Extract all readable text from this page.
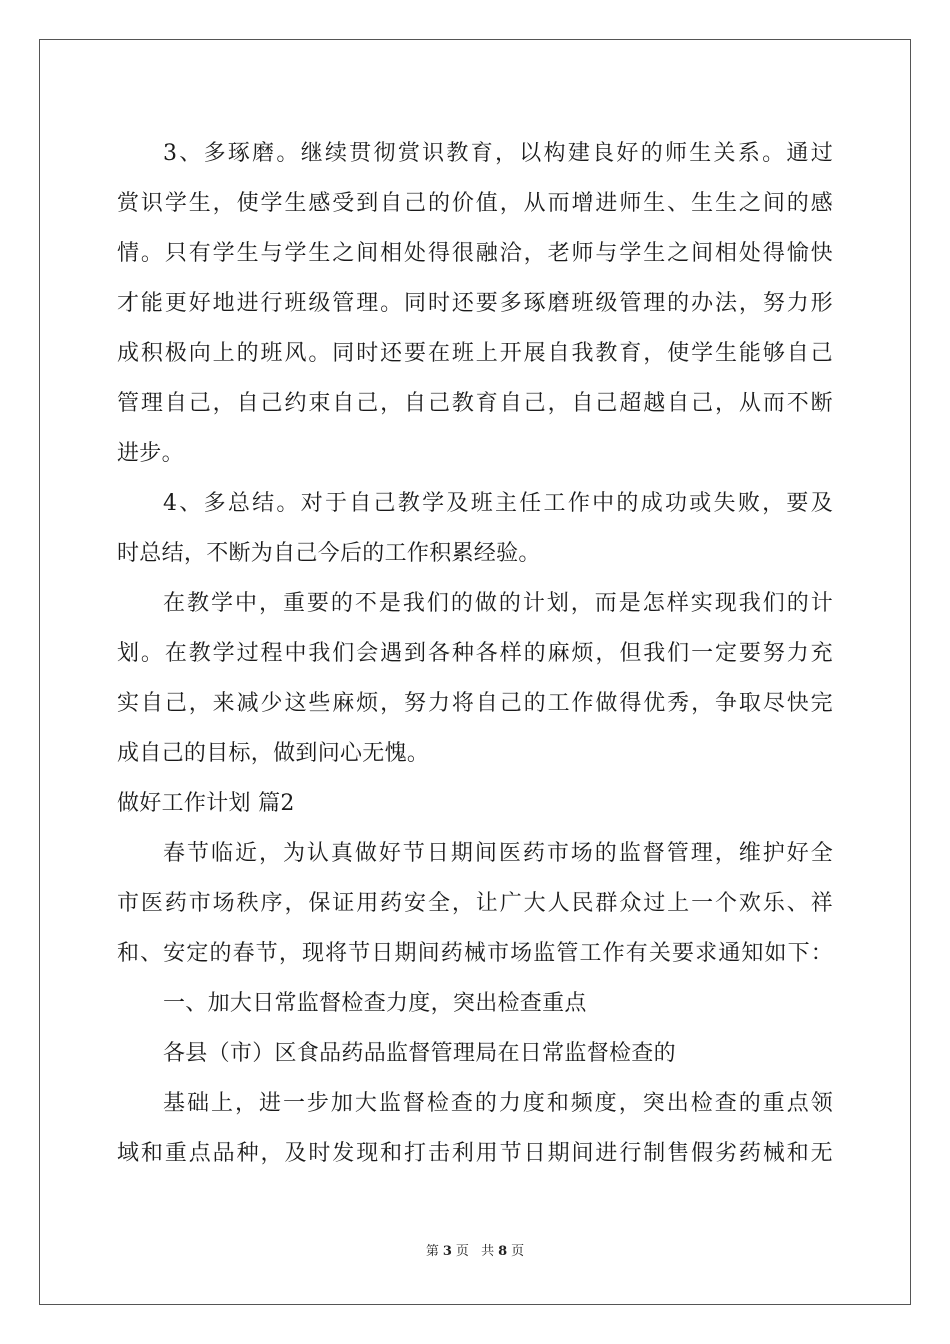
3、多琢磨。继续贯彻赏识教育，以构建良好的师生关系。通过
赏识学生，使学生感受到自己的价值，从而增进师生、生生之间的感
情。只有学生与学生之间相处得很融洽，老师与学生之间相处得愉快
才能更好地进行班级管理。同时还要多琢磨班级管理的办法，努力形
成积极向上的班风。同时还要在班上开展自我教育，使学生能够自己
管理自己，自己约束自己，自己教育自己，自己超越自己，从而不断
进步。
4、多总结。对于自己教学及班主任工作中的成功或失败，要及
时总结，不断为自己今后的工作积累经验。
在教学中，重要的不是我们的做的计划，而是怎样实现我们的计
划。在教学过程中我们会遇到各种各样的麻烦，但我们一定要努力充
实自己，来减少这些麻烦，努力将自己的工作做得优秀，争取尽快完
成自己的目标，做到问心无愧。
做好工作计划 篇2
春节临近，为认真做好节日期间医药市场的监督管理，维护好全
市医药市场秩序，保证用药安全，让广大人民群众过上一个欢乐、祥
和、安定的春节，现将节日期间药械市场监管工作有关要求通知如下：
一、加大日常监督检查力度，突出检查重点
各县（市）区食品药品监督管理局在日常监督检查的
基础上，进一步加大监督检查的力度和频度，突出检查的重点领
域和重点品种，及时发现和打击利用节日期间进行制售假劣药械和无
第 3 页 共 8 页
